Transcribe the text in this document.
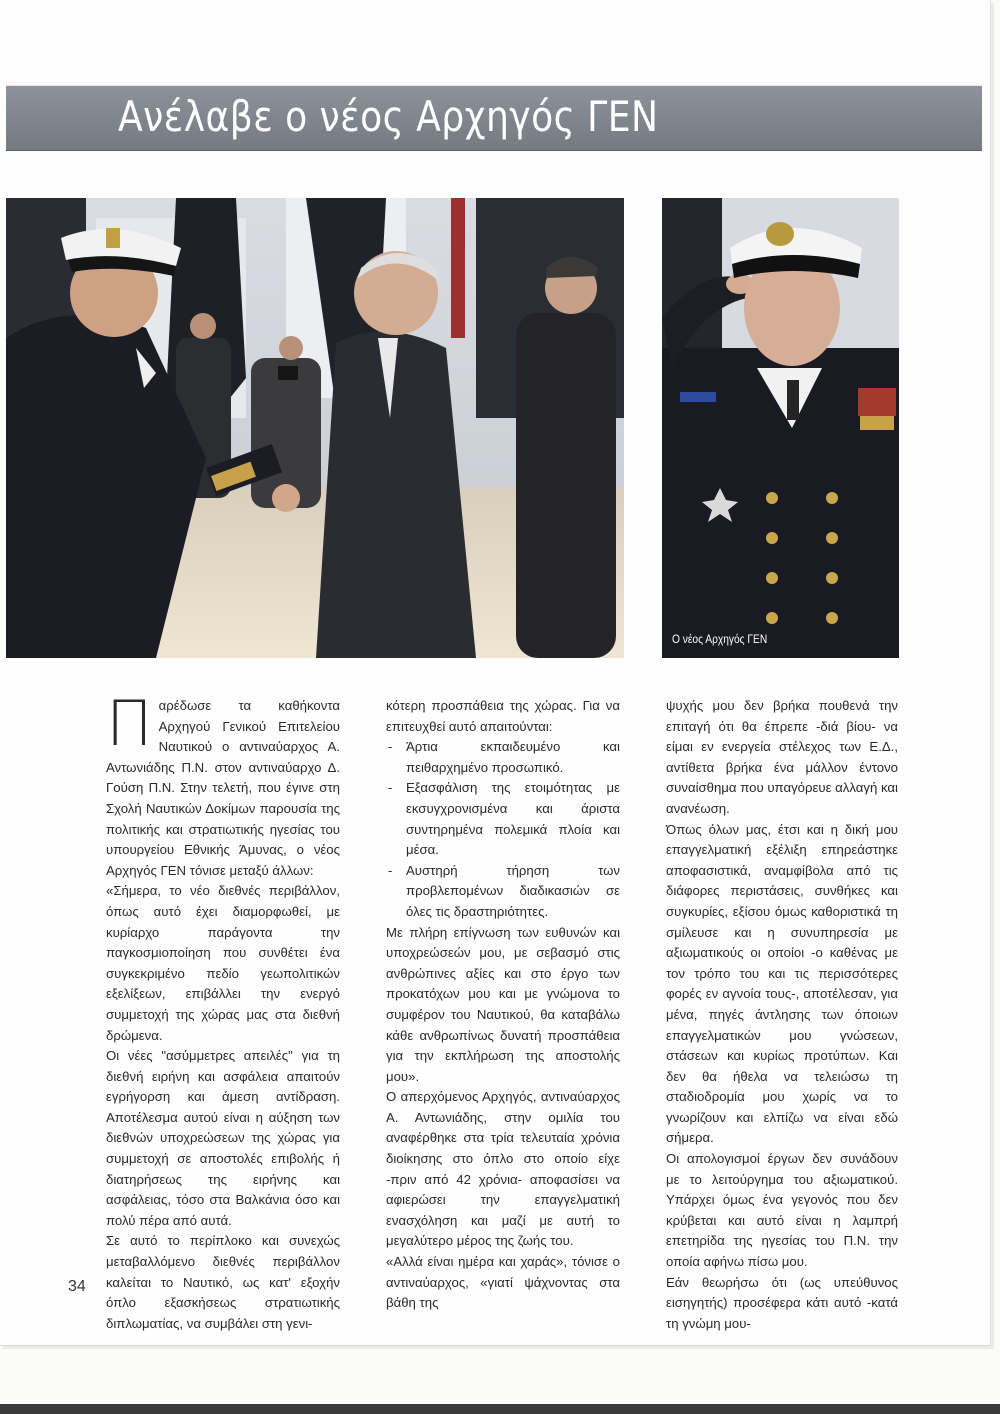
Ανέλαβε ο νέος Αρχηγός ΓΕΝ
Ο νέος Αρχηγός ΓΕΝ

Παρέδωσε τα καθήκοντα Αρχηγού Γενικού Επιτελείου Ναυτικού ο αντιναύαρχος Α. Αντωνιάδης Π.Ν. στον αντιναύαρχο Δ. Γούση Π.Ν. Στην τελετή, που έγινε στη Σχολή Ναυτικών Δοκίμων παρουσία της πολιτικής και στρατιωτικής ηγεσίας του υπουργείου Εθνικής Άμυνας, ο νέος Αρχηγός ΓΕΝ τόνισε μεταξύ άλλων:

«Σήμερα, το νέο διεθνές περιβάλλον, όπως αυτό έχει διαμορφωθεί, με κυρίαρχο παράγοντα την παγκοσμιοποίηση που συνθέτει ένα συγκεκριμένο πεδίο γεωπολιτικών εξελίξεων, επιβάλλει την ενεργό συμμετοχή της χώρας μας στα διεθνή δρώμενα.

Οι νέες "ασύμμετρες απειλές" για τη διεθνή ειρήνη και ασφάλεια απαιτούν εγρήγορση και άμεση αντίδραση. Αποτέλεσμα αυτού είναι η αύξηση των διεθνών υποχρεώσεων της χώρας για συμμετοχή σε αποστολές επιβολής ή διατηρήσεως της ειρήνης και ασφάλειας, τόσο στα Βαλκάνια όσο και πολύ πέρα από αυτά.

Σε αυτό το περίπλοκο και συνεχώς μεταβαλλόμενο διεθνές περιβάλλον καλείται το Ναυτικό, ως κατ' εξοχήν όπλο εξασκήσεως στρατιωτικής διπλωματίας, να συμβάλει στη γενι-

κότερη προσπάθεια της χώρας. Για να επιτευχθεί αυτό απαιτούνται:

- Άρτια εκπαιδευμένο και πειθαρχημένο προσωπικό.
- Εξασφάλιση της ετοιμότητας με εκσυγχρονισμένα και άριστα συντηρημένα πολεμικά πλοία και μέσα.
- Αυστηρή τήρηση των προβλεπομένων διαδικασιών σε όλες τις δραστηριότητες.

Με πλήρη επίγνωση των ευθυνών και υποχρεώσεών μου, με σεβασμό στις ανθρώπινες αξίες και στο έργο των προκατόχων μου και με γνώμονα το συμφέρον του Ναυτικού, θα καταβάλω κάθε ανθρωπίνως δυνατή προσπάθεια για την εκπλήρωση της αποστολής μου».

Ο απερχόμενος Αρχηγός, αντιναύαρχος Α. Αντωνιάδης, στην ομιλία του αναφέρθηκε στα τρία τελευταία χρόνια διοίκησης στο όπλο στο οποίο είχε -πριν από 42 χρόνια- αποφασίσει να αφιερώσει την επαγγελματική ενασχόληση και μαζί με αυτή το μεγαλύτερο μέρος της ζωής του.

«Αλλά είναι ημέρα και χαράς», τόνισε ο αντιναύαρχος, «γιατί ψάχνοντας στα βάθη της

ψυχής μου δεν βρήκα πουθενά την επιταγή ότι θα έπρεπε -διά βίου- να είμαι εν ενεργεία στέλεχος των Ε.Δ., αντίθετα βρήκα ένα μάλλον έντονο συναίσθημα που υπαγόρευε αλλαγή και ανανέωση.

Όπως όλων μας, έτσι και η δική μου επαγγελματική εξέλιξη επηρεάστηκε αποφασιστικά, αναμφίβολα από τις διάφορες περιστάσεις, συνθήκες και συγκυρίες, εξίσου όμως καθοριστικά τη σμίλευσε και η συνυπηρεσία με αξιωματικούς οι οποίοι -ο καθένας με τον τρόπο του και τις περισσότερες φορές εν αγνοία τους-, αποτέλεσαν, για μένα, πηγές άντλησης των όποιων επαγγελματικών μου γνώσεων, στάσεων και κυρίως προτύπων. Και δεν θα ήθελα να τελειώσω τη σταδιοδρομία μου χωρίς να το γνωρίζουν και ελπίζω να είναι εδώ σήμερα.

Οι απολογισμοί έργων δεν συνάδουν με το λειτούργημα του αξιωματικού. Υπάρχει όμως ένα γεγονός που δεν κρύβεται και αυτό είναι η λαμπρή επετηρίδα της ηγεσίας του Π.Ν. την οποία αφήνω πίσω μου.

Εάν θεωρήσω ότι (ως υπεύθυνος εισηγητής) προσέφερα κάτι αυτό -κατά τη γνώμη μου-

34
